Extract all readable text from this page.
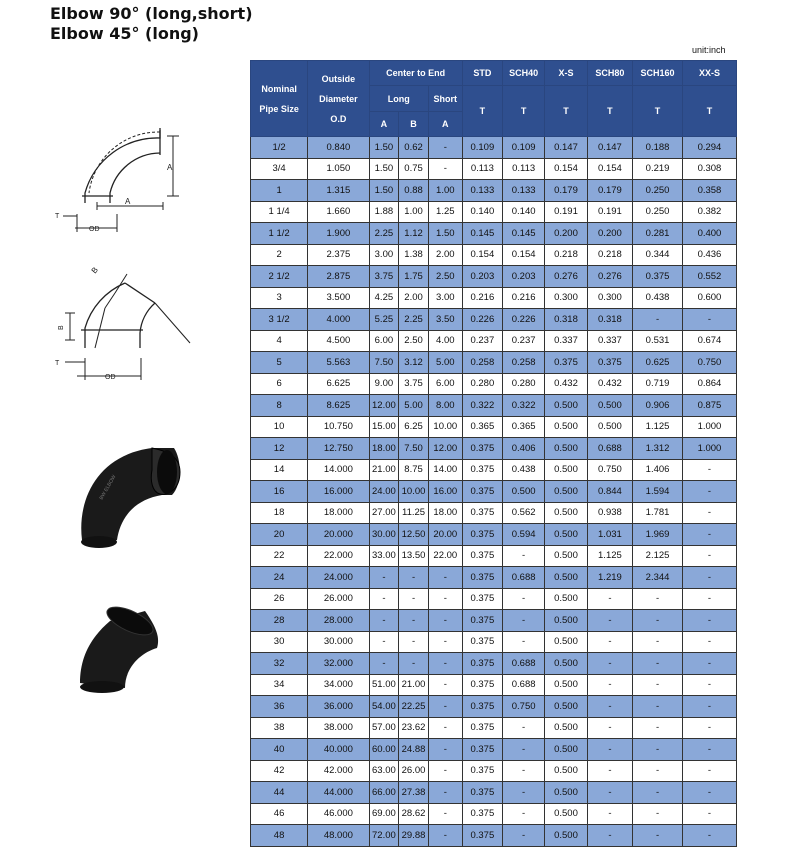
Elbow 90° (long,short)
Elbow 45° (long)
unit:inch
A
A
OD
T
B
B
OD
T
BW ELBOW
Nominal

Pipe Size	Outside

Diameter

O.D	Center to End			STD	SCH40	X-S	SCH80	SCH160	XX-S
		Long		Short	T	T	T	T	T	T
		A	B	A						
1/2	0.840	1.50	0.62	-	0.109	0.109	0.147	0.147	0.188	0.294
3/4	1.050	1.50	0.75	-	0.113	0.113	0.154	0.154	0.219	0.308
1	1.315	1.50	0.88	1.00	0.133	0.133	0.179	0.179	0.250	0.358
1 1/4	1.660	1.88	1.00	1.25	0.140	0.140	0.191	0.191	0.250	0.382
1 1/2	1.900	2.25	1.12	1.50	0.145	0.145	0.200	0.200	0.281	0.400
2	2.375	3.00	1.38	2.00	0.154	0.154	0.218	0.218	0.344	0.436
2 1/2	2.875	3.75	1.75	2.50	0.203	0.203	0.276	0.276	0.375	0.552
3	3.500	4.25	2.00	3.00	0.216	0.216	0.300	0.300	0.438	0.600
3 1/2	4.000	5.25	2.25	3.50	0.226	0.226	0.318	0.318	-	-
4	4.500	6.00	2.50	4.00	0.237	0.237	0.337	0.337	0.531	0.674
5	5.563	7.50	3.12	5.00	0.258	0.258	0.375	0.375	0.625	0.750
6	6.625	9.00	3.75	6.00	0.280	0.280	0.432	0.432	0.719	0.864
8	8.625	12.00	5.00	8.00	0.322	0.322	0.500	0.500	0.906	0.875
10	10.750	15.00	6.25	10.00	0.365	0.365	0.500	0.500	1.125	1.000
12	12.750	18.00	7.50	12.00	0.375	0.406	0.500	0.688	1.312	1.000
14	14.000	21.00	8.75	14.00	0.375	0.438	0.500	0.750	1.406	-
16	16.000	24.00	10.00	16.00	0.375	0.500	0.500	0.844	1.594	-
18	18.000	27.00	11.25	18.00	0.375	0.562	0.500	0.938	1.781	-
20	20.000	30.00	12.50	20.00	0.375	0.594	0.500	1.031	1.969	-
22	22.000	33.00	13.50	22.00	0.375	-	0.500	1.125	2.125	-
24	24.000	-	-	-	0.375	0.688	0.500	1.219	2.344	-
26	26.000	-	-	-	0.375	-	0.500	-	-	-
28	28.000	-	-	-	0.375	-	0.500	-	-	-
30	30.000	-	-	-	0.375	-	0.500	-	-	-
32	32.000	-	-	-	0.375	0.688	0.500	-	-	-
34	34.000	51.00	21.00	-	0.375	0.688	0.500	-	-	-
36	36.000	54.00	22.25	-	0.375	0.750	0.500	-	-	-
38	38.000	57.00	23.62	-	0.375	-	0.500	-	-	-
40	40.000	60.00	24.88	-	0.375	-	0.500	-	-	-
42	42.000	63.00	26.00	-	0.375	-	0.500	-	-	-
44	44.000	66.00	27.38	-	0.375	-	0.500	-	-	-
46	46.000	69.00	28.62	-	0.375	-	0.500	-	-	-
48	48.000	72.00	29.88	-	0.375	-	0.500	-	-	-
